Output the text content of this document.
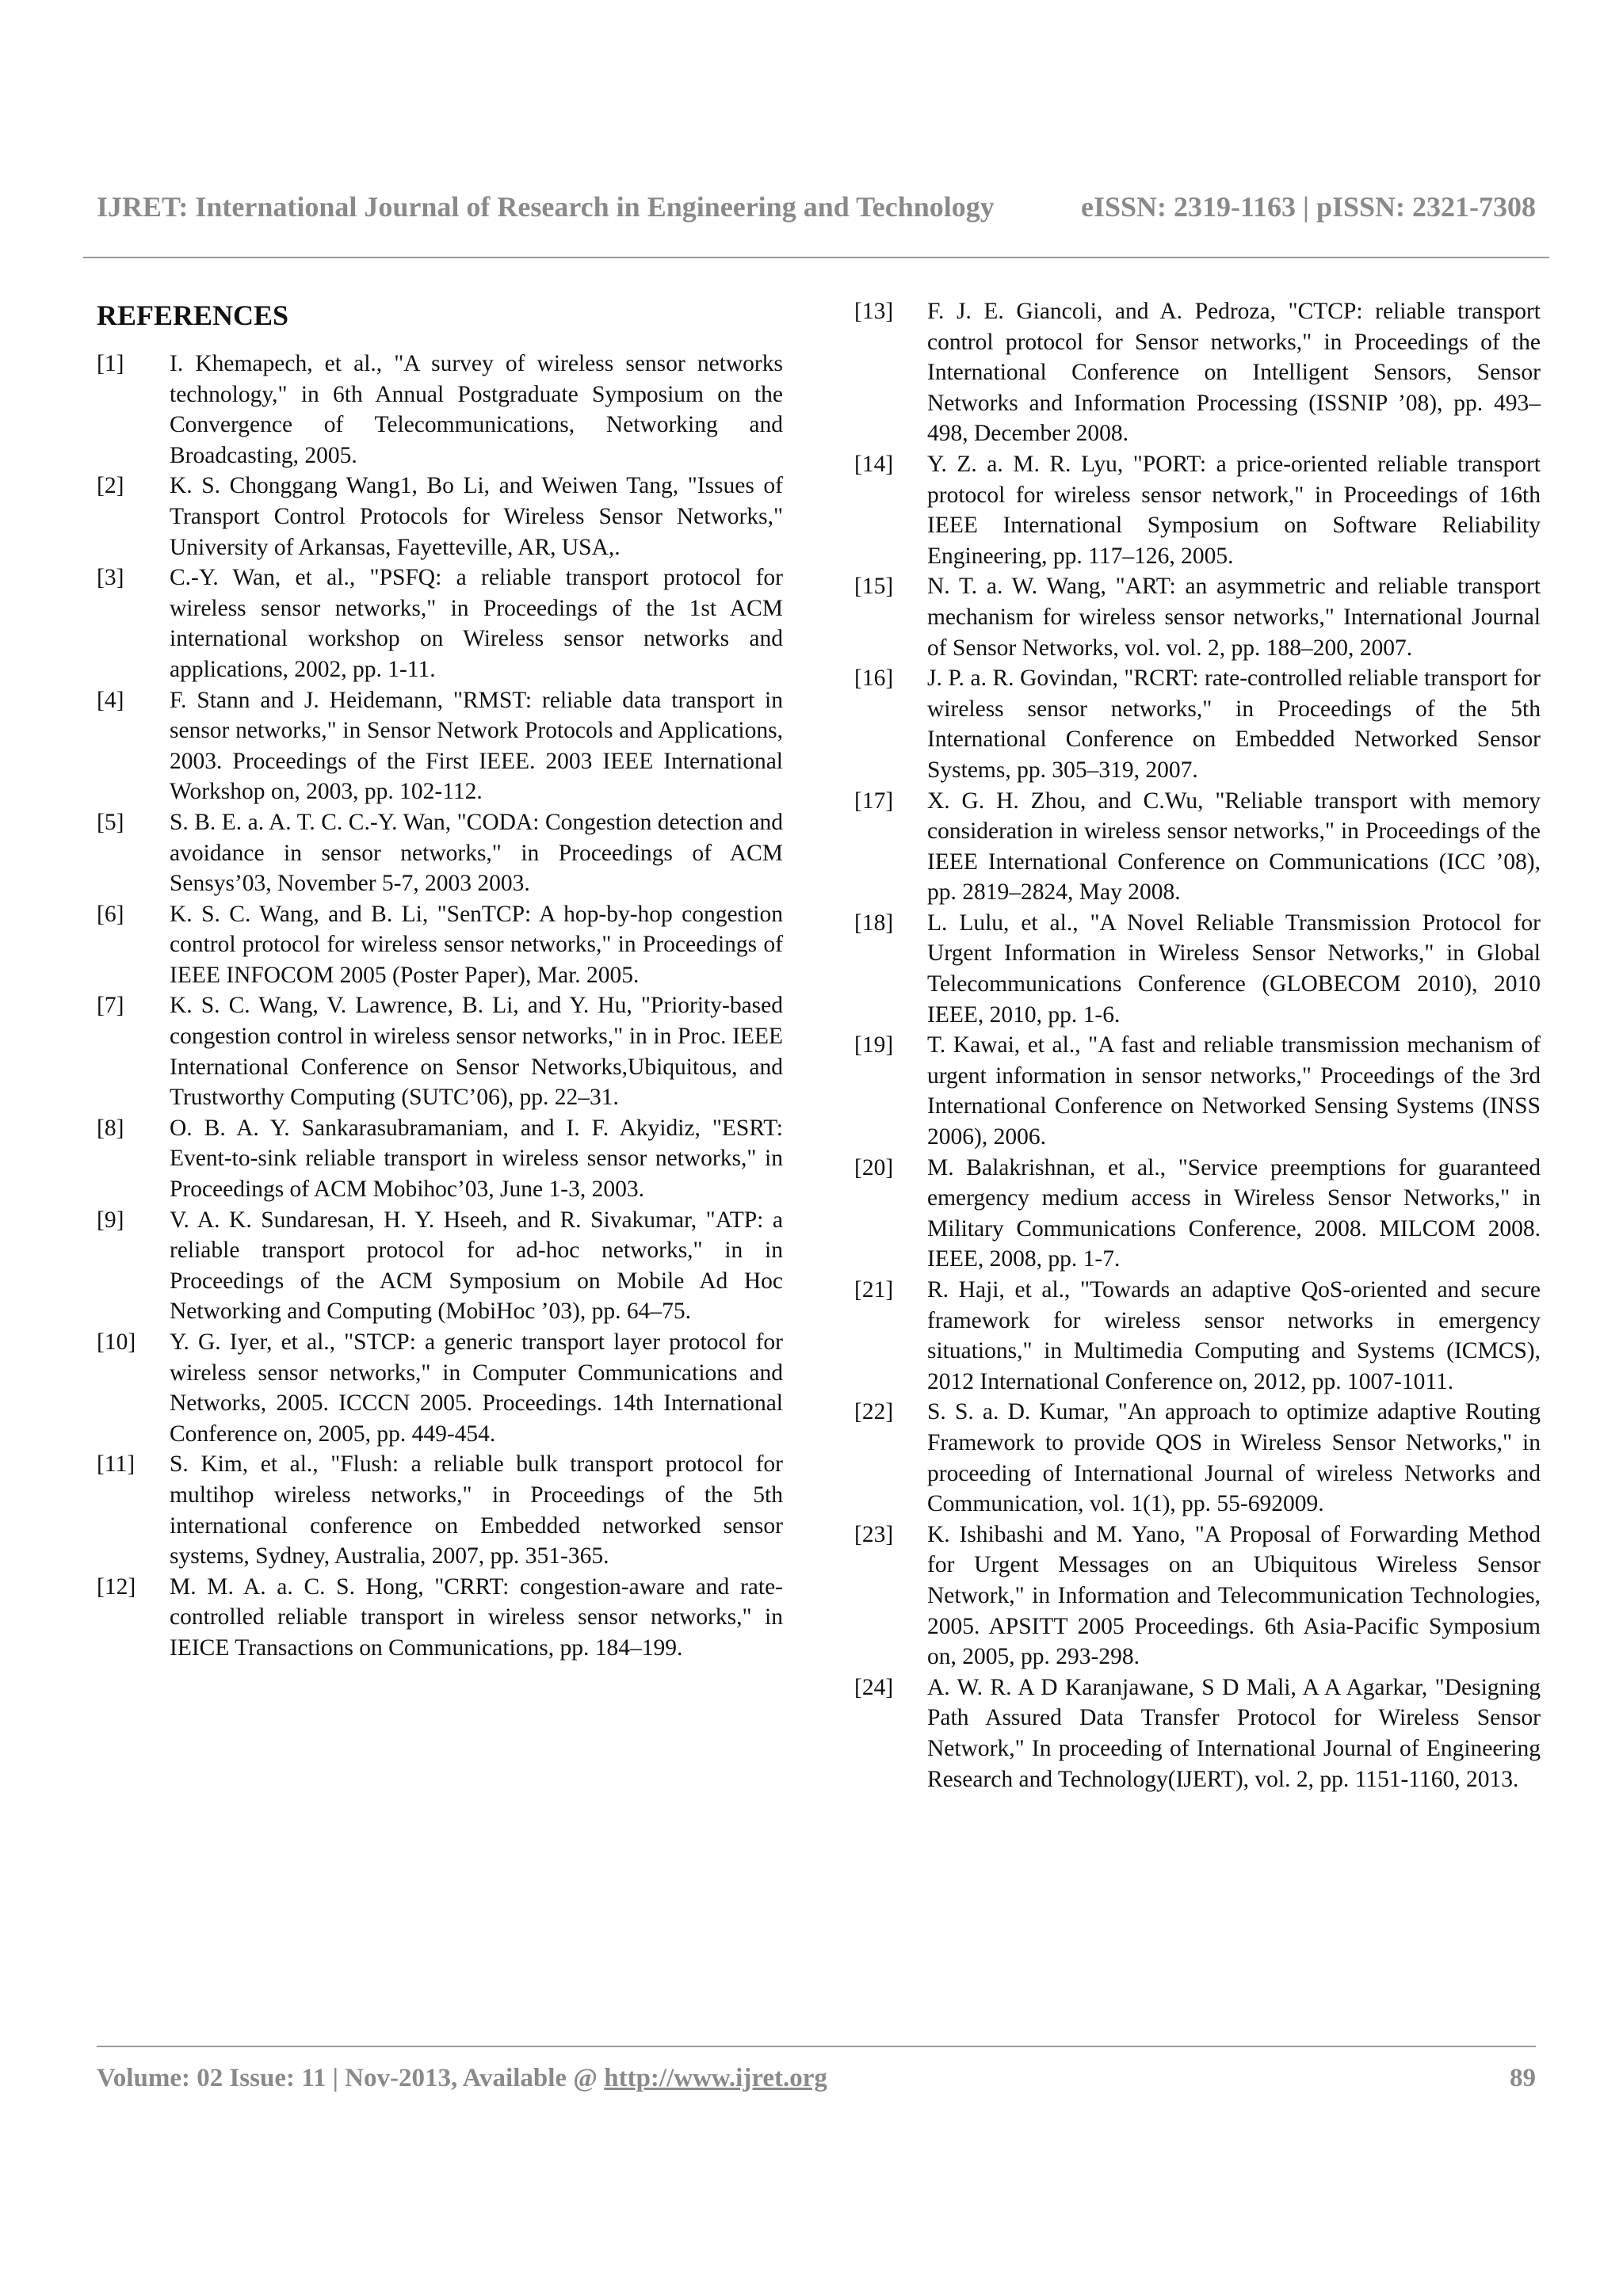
IJRET: International Journal of Research in Engineering and Technology	eISSN: 2319-1163 | pISSN: 2321-7308
REFERENCES
[1]	I. Khemapech, et al., "A survey of wireless sensor networks technology," in 6th Annual Postgraduate Symposium on the Convergence of Telecommunications, Networking and Broadcasting, 2005.
[2]	K. S. Chonggang Wang1, Bo Li, and Weiwen Tang, "Issues of Transport Control Protocols for Wireless Sensor Networks," University of Arkansas, Fayetteville, AR, USA,.
[3]	C.-Y. Wan, et al., "PSFQ: a reliable transport protocol for wireless sensor networks," in Proceedings of the 1st ACM international workshop on Wireless sensor networks and applications, 2002, pp. 1-11.
[4]	F. Stann and J. Heidemann, "RMST: reliable data transport in sensor networks," in Sensor Network Protocols and Applications, 2003. Proceedings of the First IEEE. 2003 IEEE International Workshop on, 2003, pp. 102-112.
[5]	S. B. E. a. A. T. C. C.-Y. Wan, "CODA: Congestion detection and avoidance in sensor networks," in Proceedings of ACM Sensys’03, November 5-7, 2003 2003.
[6]	K. S. C. Wang, and B. Li, "SenTCP: A hop-by-hop congestion control protocol for wireless sensor networks," in Proceedings of IEEE INFOCOM 2005 (Poster Paper), Mar. 2005.
[7]	K. S. C. Wang, V. Lawrence, B. Li, and Y. Hu, "Priority-based congestion control in wireless sensor networks," in in Proc. IEEE International Conference on Sensor Networks,Ubiquitous, and Trustworthy Computing (SUTC’06), pp. 22–31.
[8]	O. B. A. Y. Sankarasubramaniam, and I. F. Akyidiz, "ESRT: Event-to-sink reliable transport in wireless sensor networks," in Proceedings of ACM Mobihoc’03, June 1-3, 2003.
[9]	V. A. K. Sundaresan, H. Y. Hseeh, and R. Sivakumar, "ATP: a reliable transport protocol for ad-hoc networks," in in Proceedings of the ACM Symposium on Mobile Ad Hoc Networking and Computing (MobiHoc ’03), pp. 64–75.
[10]	Y. G. Iyer, et al., "STCP: a generic transport layer protocol for wireless sensor networks," in Computer Communications and Networks, 2005. ICCCN 2005. Proceedings. 14th International Conference on, 2005, pp. 449-454.
[11]	S. Kim, et al., "Flush: a reliable bulk transport protocol for multihop wireless networks," in Proceedings of the 5th international conference on Embedded networked sensor systems, Sydney, Australia, 2007, pp. 351-365.
[12]	M. M. A. a. C. S. Hong, "CRRT: congestion-aware and rate-controlled reliable transport in wireless sensor networks," in IEICE Transactions on Communications, pp. 184–199.
[13]	F. J. E. Giancoli, and A. Pedroza, "CTCP: reliable transport control protocol for Sensor networks," in Proceedings of the International Conference on Intelligent Sensors, Sensor Networks and Information Processing (ISSNIP ’08), pp. 493– 498, December 2008.
[14]	Y. Z. a. M. R. Lyu, "PORT: a price-oriented reliable transport protocol for wireless sensor network," in Proceedings of 16th IEEE International Symposium on Software Reliability Engineering, pp. 117–126, 2005.
[15]	N. T. a. W. Wang, "ART: an asymmetric and reliable transport mechanism for wireless sensor networks," International Journal of Sensor Networks, vol. vol. 2, pp. 188–200, 2007.
[16]	J. P. a. R. Govindan, "RCRT: rate-controlled reliable transport for wireless sensor networks," in Proceedings of the 5th International Conference on Embedded Networked Sensor Systems, pp. 305–319, 2007.
[17]	X. G. H. Zhou, and C.Wu, "Reliable transport with memory consideration in wireless sensor networks," in Proceedings of the IEEE International Conference on Communications (ICC ’08), pp. 2819–2824, May 2008.
[18]	L. Lulu, et al., "A Novel Reliable Transmission Protocol for Urgent Information in Wireless Sensor Networks," in Global Telecommunications Conference (GLOBECOM 2010), 2010 IEEE, 2010, pp. 1-6.
[19]	T. Kawai, et al., "A fast and reliable transmission mechanism of urgent information in sensor networks," Proceedings of the 3rd International Conference on Networked Sensing Systems (INSS 2006), 2006.
[20]	M. Balakrishnan, et al., "Service preemptions for guaranteed emergency medium access in Wireless Sensor Networks," in Military Communications Conference, 2008. MILCOM 2008. IEEE, 2008, pp. 1-7.
[21]	R. Haji, et al., "Towards an adaptive QoS-oriented and secure framework for wireless sensor networks in emergency situations," in Multimedia Computing and Systems (ICMCS), 2012 International Conference on, 2012, pp. 1007-1011.
[22]	S. S. a. D. Kumar, "An approach to optimize adaptive Routing Framework to provide QOS in Wireless Sensor Networks," in proceeding of International Journal of wireless Networks and Communication, vol. 1(1), pp. 55-692009.
[23]	K. Ishibashi and M. Yano, "A Proposal of Forwarding Method for Urgent Messages on an Ubiquitous Wireless Sensor Network," in Information and Telecommunication Technologies, 2005. APSITT 2005 Proceedings. 6th Asia-Pacific Symposium on, 2005, pp. 293-298.
[24]	A. W. R. A D Karanjawane, S D Mali, A A Agarkar, "Designing Path Assured Data Transfer Protocol for Wireless Sensor Network," In proceeding of International Journal of Engineering Research and Technology(IJERT), vol. 2, pp. 1151-1160, 2013.
Volume: 02 Issue: 11 | Nov-2013, Available @ http://www.ijret.org	89
